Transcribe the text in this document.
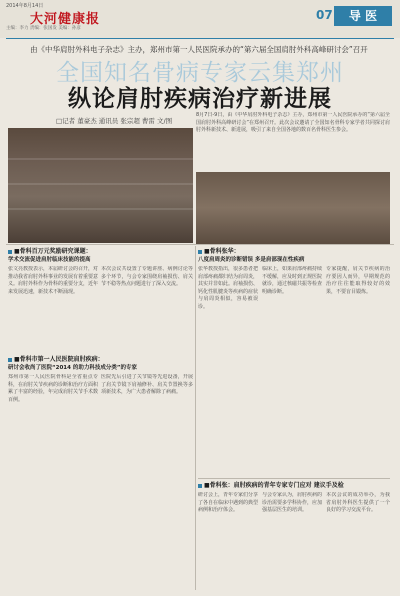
2014年8月14日
大河健康报
主编：李力 责编：张国发 美编：孙彦
07	导 医
由《中华肩肘外科电子杂志》主办，郑州市第一人民医院承办的“第六届全国肩肘外科高峰研讨会”召开
全国知名骨病专家云集郑州
纵论肩肘疾病治疗新进展
□记者 董豪杰 通讯员 张宗超 曹雷 文/图
8月7日-9日，由《中华肩肘外科电子杂志》主办，郑州市第一人民医院承办的“第六届全国肩肘外科高峰研讨会”在郑州召开。此次会议邀请了全国知名骨科专家学者共同探讨肩肘外科新技术、新进展，吸引了来自全国各地的数百名骨科医生参会。
■骨科百万元奖励研究课题：
学术交流促进肩肘临床技能的提高
张文亮教授表示，本届研讨会的召开，对推动我省肩肘外科事业的发展有着重要意义。肩肘外科作为骨科的重要分支，近年来发展迅速，新技术不断涌现。
本次会议共设置了专题讲座、病例讨论等多个环节，与会专家围绕肩袖损伤、肩关节不稳等热点问题进行了深入交流。
■骨科市第一人民医院肩肘疾病：
研讨会收尚了医院“2014 的助力科技成分类”的专家
郑州市第一人民医院骨科是全省重点专科，在肩肘关节疾病的诊断和治疗方面积累了丰富的经验，年完成肩肘关节手术数百例。
医院先后引进了关节镜等先进设备，开展了肩关节镜下肩袖修补、肩关节置换等多项新技术，为广大患者解除了病痛。
■骨科张华：
八度肩周炎的诊断错误 多是肩部现在性疾病
张华教授指出，很多患者把肩部疼痛都归结为肩周炎，其实并非如此。肩袖损伤、钙化性肌腱炎等疾病的症状与肩周炎相似，容易被误诊。
临床上，如果肩部疼痛持续不缓解，应及时到正规医院就诊，通过核磁共振等检查明确诊断。
专家提醒，肩关节疾病的治疗要因人而异，早期规范的治疗往往能取得较好的效果，不要盲目锻炼。
■骨科张：肩肘疾病的青年专家专门应对 建议手及检
研讨会上，青年专家们分享了各自在临床中遇到的典型病例和治疗体会。
与会专家认为，肩肘疾病的诊治需要多学科协作，应加强基层医生的培训。
本次会议的成功举办，为我省肩肘外科医生提供了一个良好的学习交流平台。
